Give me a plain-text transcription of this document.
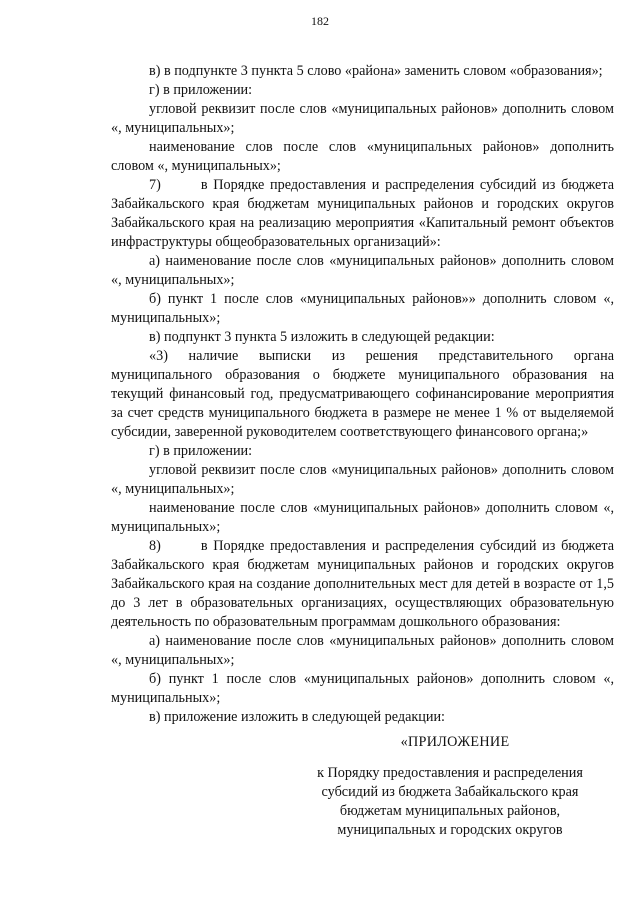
182

в) в подпункте 3 пункта 5 слово «района» заменить словом «образования»;

г) в приложении:

угловой реквизит после слов «муниципальных районов» дополнить словом «, муниципальных»;

наименование слов после слов «муниципальных районов» дополнить словом «, муниципальных»;

7)       в Порядке предоставления и распределения субсидий из бюджета Забайкальского края бюджетам муниципальных районов и городских округов Забайкальского края на реализацию мероприятия «Капитальный ремонт объектов инфраструктуры общеобразовательных организаций»:

а) наименование после слов «муниципальных районов» дополнить словом «, муниципальных»;

б) пункт 1 после слов «муниципальных районов»» дополнить словом «, муниципальных»;

в) подпункт 3 пункта 5 изложить в следующей редакции:

«3) наличие выписки из решения представительного органа муниципального образования о бюджете муниципального образования на текущий финансовый год, предусматривающего софинансирование мероприятия за счет средств муниципального бюджета в размере не менее 1 % от выделяемой субсидии, заверенной руководителем соответствующего финансового органа;»

г) в приложении:

угловой реквизит после слов «муниципальных районов» дополнить словом «, муниципальных»;

наименование после слов «муниципальных районов» дополнить словом «, муниципальных»;

8)       в Порядке предоставления и распределения субсидий из бюджета Забайкальского края бюджетам муниципальных районов и городских округов Забайкальского края на создание дополнительных мест для детей в возрасте от 1,5 до 3 лет в образовательных организациях, осуществляющих образовательную деятельность по образовательным программам дошкольного образования:

а) наименование после слов «муниципальных районов» дополнить словом «, муниципальных»;

б) пункт 1 после слов «муниципальных районов» дополнить словом «, муниципальных»;

в) приложение изложить в следующей редакции:

«ПРИЛОЖЕНИЕ
к Порядку предоставления и распределения
субсидий из бюджета Забайкальского края
бюджетам муниципальных районов,
муниципальных и городских округов
